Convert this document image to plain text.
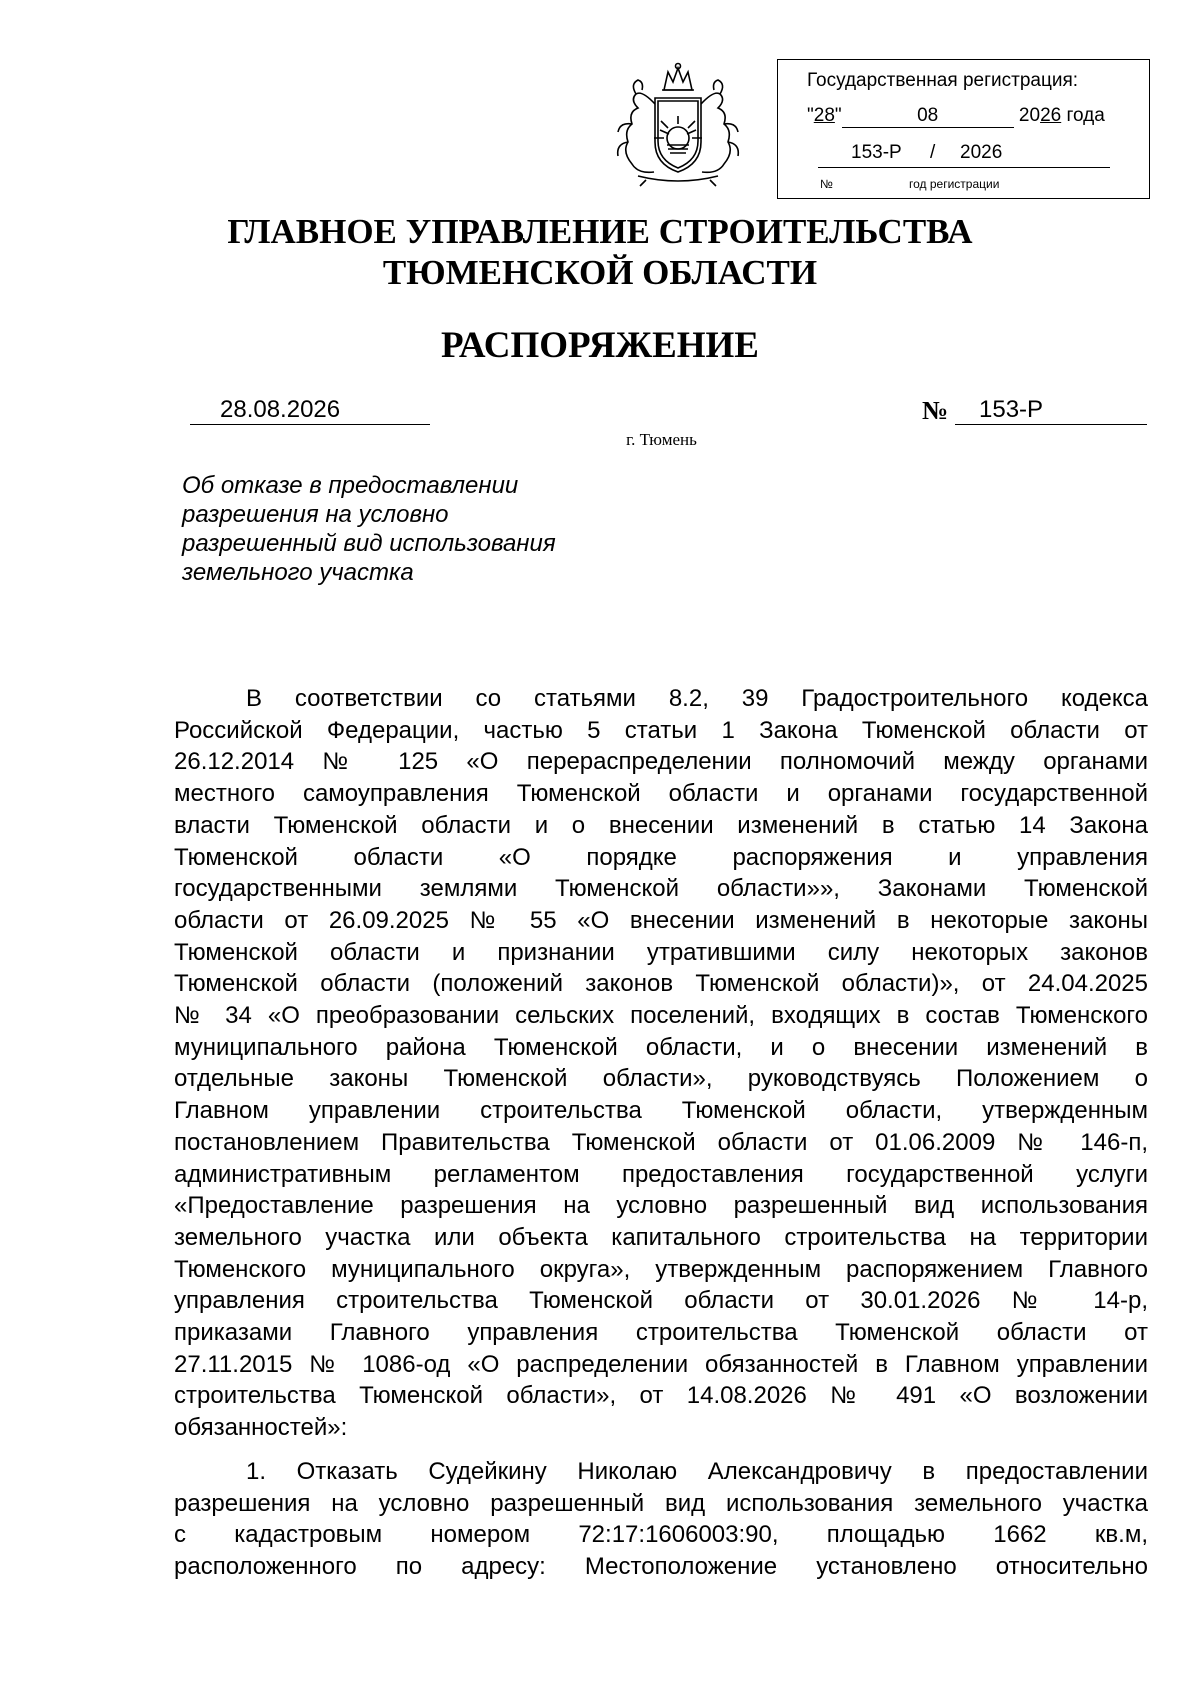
Государственная регистрация:
"28"	08	2026 года
153-Р / 2026
№	год регистрации
ГЛАВНОЕ УПРАВЛЕНИЕ СТРОИТЕЛЬСТВА
ТЮМЕНСКОЙ ОБЛАСТИ
РАСПОРЯЖЕНИЕ
28.08.2026	№ 153-Р
г. Тюмень
Об отказе в предоставлении
разрешения на условно
разрешенный вид использования
земельного участка
В соответствии со статьями 8.2, 39 Градостроительного кодекса
Российской Федерации, частью 5 статьи 1 Закона Тюменской области от
26.12.2014 № 125 «О перераспределении полномочий между органами
местного самоуправления Тюменской области и органами государственной
власти Тюменской области и о внесении изменений в статью 14 Закона
Тюменской области «О порядке распоряжения и управления
государственными землями Тюменской области»», Законами Тюменской
области от 26.09.2025 № 55 «О внесении изменений в некоторые законы
Тюменской области и признании утратившими силу некоторых законов
Тюменской области (положений законов Тюменской области)», от 24.04.2025
№ 34 «О преобразовании сельских поселений, входящих в состав Тюменского
муниципального района Тюменской области, и о внесении изменений в
отдельные законы Тюменской области», руководствуясь Положением о
Главном управлении строительства Тюменской области, утвержденным
постановлением Правительства Тюменской области от 01.06.2009 № 146-п,
административным регламентом предоставления государственной услуги
«Предоставление разрешения на условно разрешенный вид использования
земельного участка или объекта капитального строительства на территории
Тюменского муниципального округа», утвержденным распоряжением Главного
управления строительства Тюменской области от 30.01.2026 № 14-р,
приказами Главного управления строительства Тюменской области от
27.11.2015 № 1086-од «О распределении обязанностей в Главном управлении
строительства Тюменской области», от 14.08.2026 № 491 «О возложении
обязанностей»:
1. Отказать Судейкину Николаю Александровичу в предоставлении
разрешения на условно разрешенный вид использования земельного участка
с кадастровым номером 72:17:1606003:90, площадью 1662 кв.м,
расположенного по адресу: Местоположение установлено относительно
